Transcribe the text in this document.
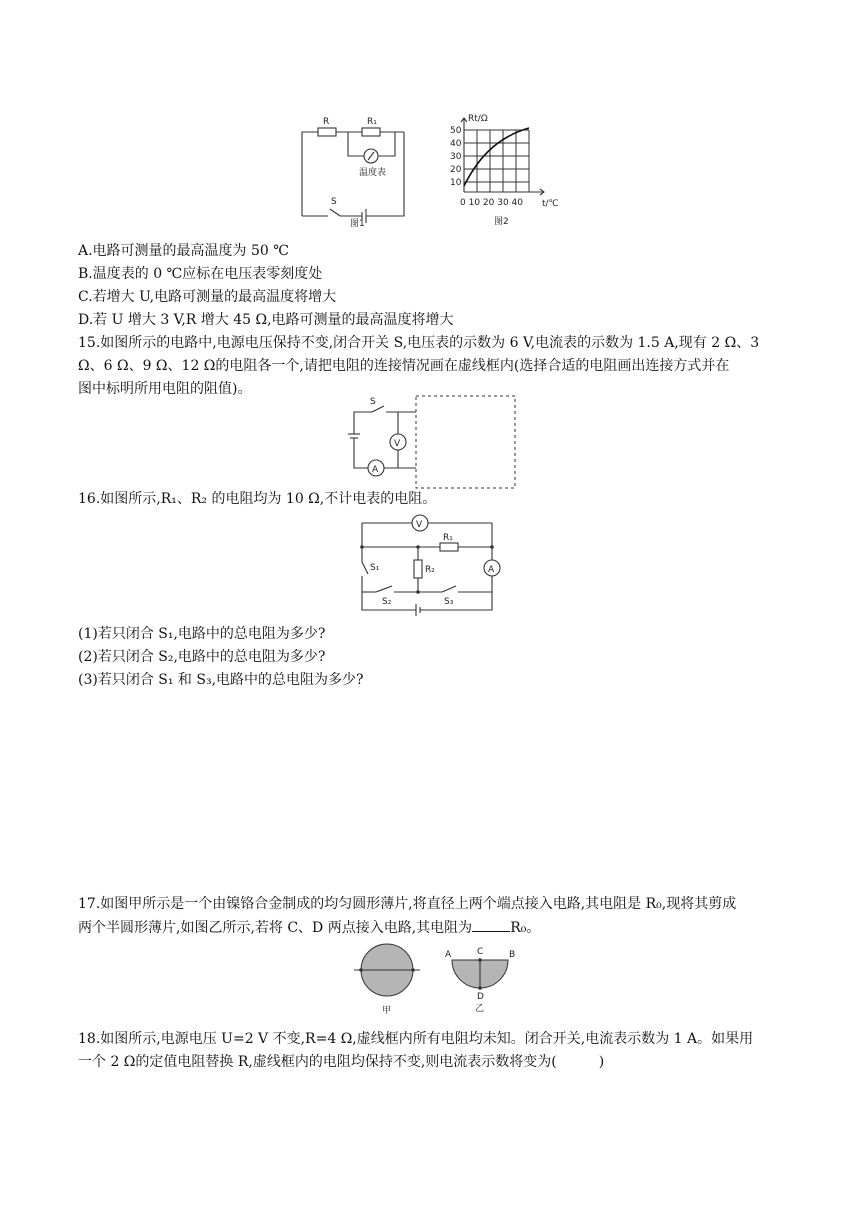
R	R₁
温度表
S
图1
Rt/Ω
50
40
30
20
10
0 10 20 30 40 t/℃
图2
A.电路可测量的最高温度为 50 ℃
B.温度表的 0 ℃应标在电压表零刻度处
C.若增大 U,电路可测量的最高温度将增大
D.若 U 增大 3 V,R 增大 45 Ω,电路可测量的最高温度将增大
15.如图所示的电路中,电源电压保持不变,闭合开关 S,电压表的示数为 6 V,电流表的示数为 1.5 A,现有 2 Ω、3
Ω、6 Ω、9 Ω、12 Ω的电阻各一个,请把电阻的连接情况画在虚线框内(选择合适的电阻画出连接方式并在
图中标明所用电阻的阻值)。
S
V
A
16.如图所示,R₁、R₂ 的电阻均为 10 Ω,不计电表的电阻。
V
R₁
R₂	A
S₁
S₂	S₃
(1)若只闭合 S₁,电路中的总电阻为多少?
(2)若只闭合 S₂,电路中的总电阻为多少?
(3)若只闭合 S₁ 和 S₃,电路中的总电阻为多少?
17.如图甲所示是一个由镍铬合金制成的均匀圆形薄片,将直径上两个端点接入电路,其电阻是 R₀,现将其剪成
两个半圆形薄片,如图乙所示,若将 C、D 两点接入电路,其电阻为	R₀。
甲
A	C	B
D
乙
18.如图所示,电源电压 U=2 V 不变,R=4 Ω,虚线框内所有电阻均未知。闭合开关,电流表示数为 1 A。如果用
一个 2 Ω的定值电阻替换 R,虚线框内的电阻均保持不变,则电流表示数将变为(　　　)
